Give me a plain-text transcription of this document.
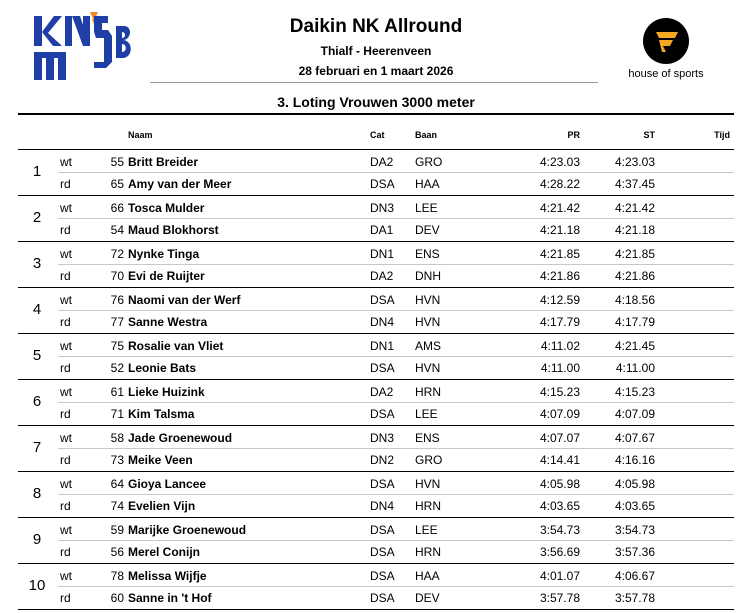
Daikin NK Allround
Thialf - Heerenveen
28 februari en 1 maart 2026
3. Loting Vrouwen 3000 meter
house of sports
Naam	Cat	Baan	PR	ST	Tijd
1
wt	55 Britt Breider	DA2 GRO	4:23.03	4:23.03
rd	65 Amy van der Meer	DSA HAA	4:28.22	4:37.45
2
wt	66 Tosca Mulder	DN3 LEE	4:21.42	4:21.42
rd	54 Maud Blokhorst	DA1 DEV	4:21.18	4:21.18
3
wt	72 Nynke Tinga	DN1 ENS	4:21.85	4:21.85
rd	70 Evi de Ruijter	DA2 DNH	4:21.86	4:21.86
4
wt	76 Naomi van der Werf	DSA HVN	4:12.59	4:18.56
rd	77 Sanne Westra	DN4 HVN	4:17.79	4:17.79
5
wt	75 Rosalie van Vliet	DN1 AMS	4:11.02	4:21.45
rd	52 Leonie Bats	DSA HVN	4:11.00	4:11.00
6
wt	61 Lieke Huizink	DA2 HRN	4:15.23	4:15.23
rd	71 Kim Talsma	DSA LEE	4:07.09	4:07.09
7
wt	58 Jade Groenewoud	DN3 ENS	4:07.07	4:07.67
rd	73 Meike Veen	DN2 GRO	4:14.41	4:16.16
8
wt	64 Gioya Lancee	DSA HVN	4:05.98	4:05.98
rd	74 Evelien Vijn	DN4 HRN	4:03.65	4:03.65
9
wt	59 Marijke Groenewoud	DSA LEE	3:54.73	3:54.73
rd	56 Merel Conijn	DSA HRN	3:56.69	3:57.36
10
wt	78 Melissa Wijfje	DSA HAA	4:01.07	4:06.67
rd	60 Sanne in 't Hof	DSA DEV	3:57.78	3:57.78
